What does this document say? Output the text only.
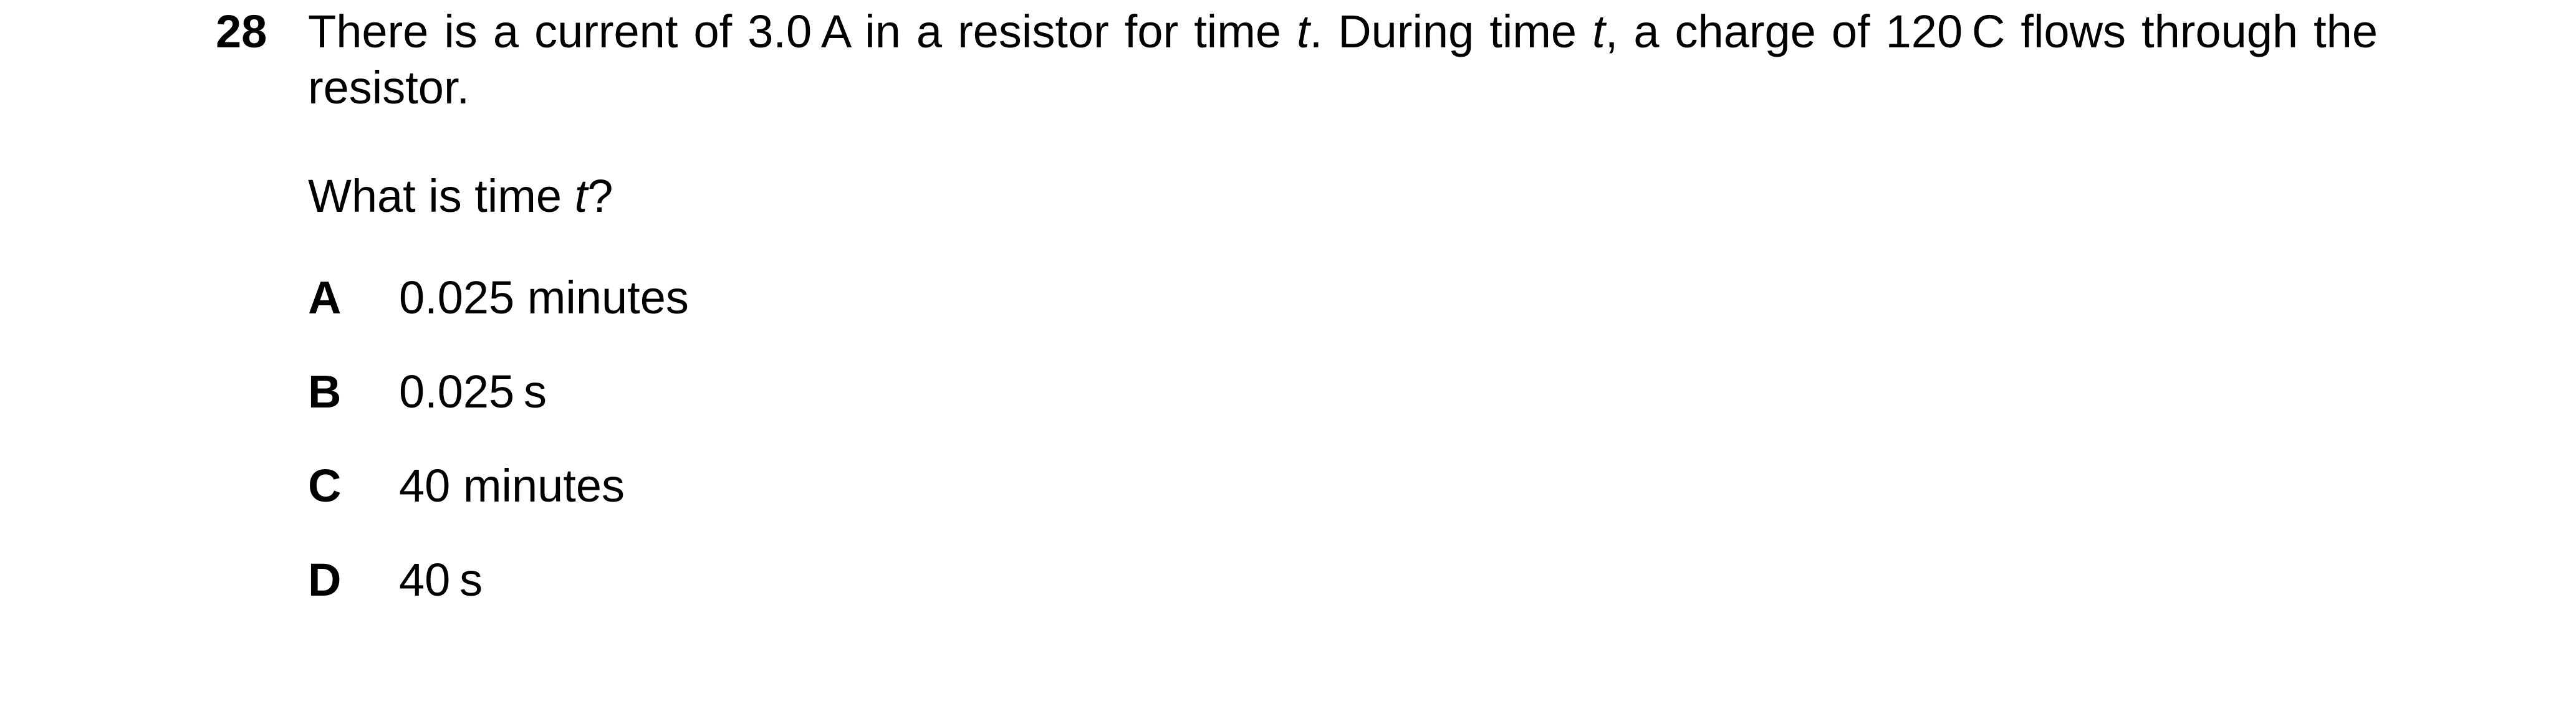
28 There is a current of 3.0 A in a resistor for time t. During time t, a charge of 120 C flows through the resistor.

What is time t?

A 0.025 minutes
B 0.025 s
C 40 minutes
D 40 s
